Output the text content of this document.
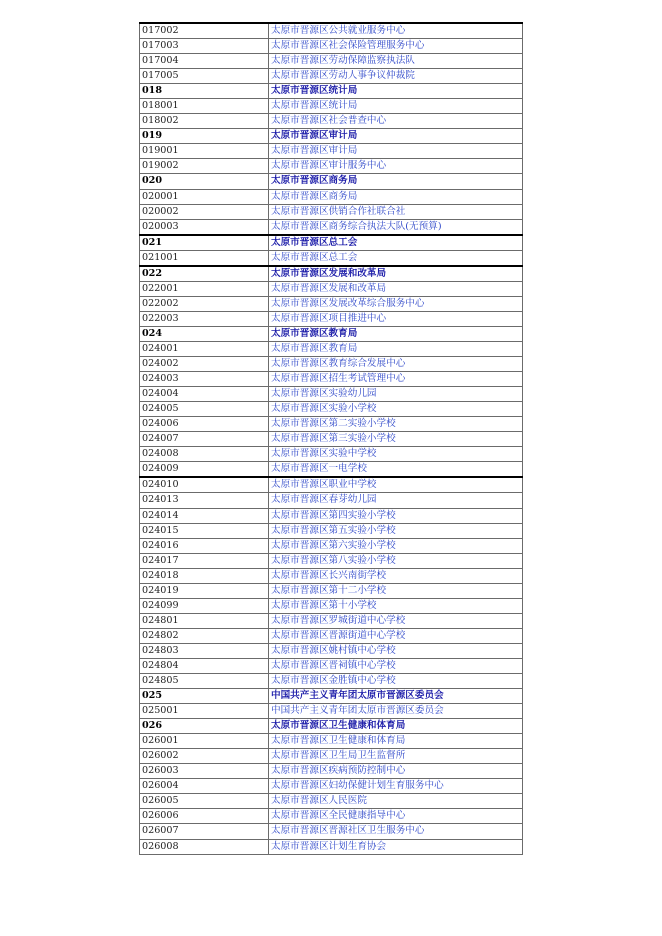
017002	太原市晋源区公共就业服务中心
017003	太原市晋源区社会保险管理服务中心
017004	太原市晋源区劳动保障监察执法队
017005	太原市晋源区劳动人事争议仲裁院
018	太原市晋源区统计局
018001	太原市晋源区统计局
018002	太原市晋源区社会普查中心
019	太原市晋源区审计局
019001	太原市晋源区审计局
019002	太原市晋源区审计服务中心
020	太原市晋源区商务局
020001	太原市晋源区商务局
020002	太原市晋源区供销合作社联合社
020003	太原市晋源区商务综合执法大队(无预算)
021	太原市晋源区总工会
021001	太原市晋源区总工会
022	太原市晋源区发展和改革局
022001	太原市晋源区发展和改革局
022002	太原市晋源区发展改革综合服务中心
022003	太原市晋源区项目推进中心
024	太原市晋源区教育局
024001	太原市晋源区教育局
024002	太原市晋源区教育综合发展中心
024003	太原市晋源区招生考试管理中心
024004	太原市晋源区实验幼儿园
024005	太原市晋源区实验小学校
024006	太原市晋源区第二实验小学校
024007	太原市晋源区第三实验小学校
024008	太原市晋源区实验中学校
024009	太原市晋源区一电学校
024010	太原市晋源区职业中学校
024013	太原市晋源区春芽幼儿园
024014	太原市晋源区第四实验小学校
024015	太原市晋源区第五实验小学校
024016	太原市晋源区第六实验小学校
024017	太原市晋源区第八实验小学校
024018	太原市晋源区长兴南街学校
024019	太原市晋源区第十二小学校
024099	太原市晋源区第十小学校
024801	太原市晋源区罗城街道中心学校
024802	太原市晋源区晋源街道中心学校
024803	太原市晋源区姚村镇中心学校
024804	太原市晋源区晋祠镇中心学校
024805	太原市晋源区金胜镇中心学校
025	中国共产主义青年团太原市晋源区委员会
025001	中国共产主义青年团太原市晋源区委员会
026	太原市晋源区卫生健康和体育局
026001	太原市晋源区卫生健康和体育局
026002	太原市晋源区卫生局卫生监督所
026003	太原市晋源区疾病预防控制中心
026004	太原市晋源区妇幼保健计划生育服务中心
026005	太原市晋源区人民医院
026006	太原市晋源区全民健康指导中心
026007	太原市晋源区晋源社区卫生服务中心
026008	太原市晋源区计划生育协会
